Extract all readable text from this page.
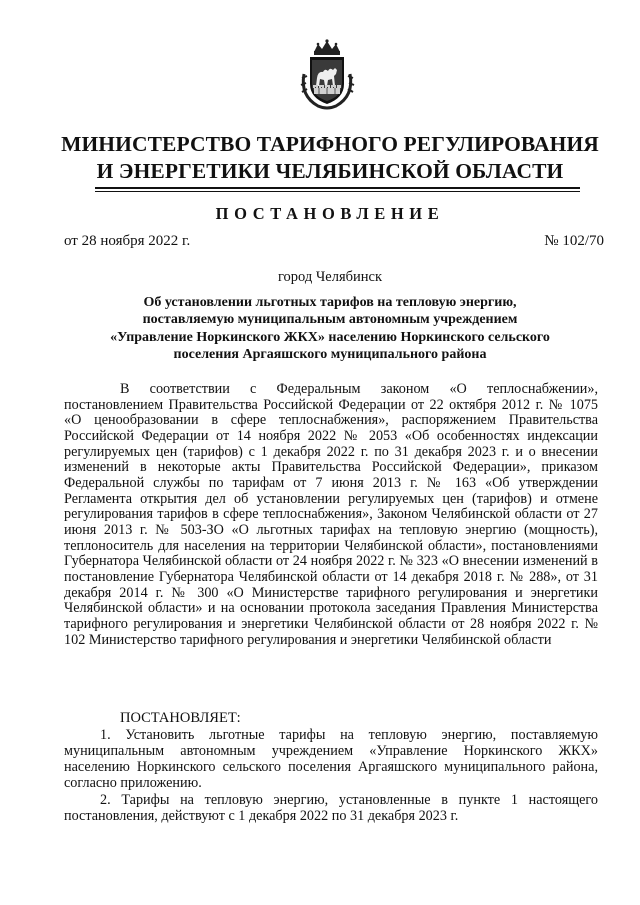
МИНИСТЕРСТВО ТАРИФНОГО РЕГУЛИРОВАНИЯ
И ЭНЕРГЕТИКИ ЧЕЛЯБИНСКОЙ ОБЛАСТИ
ПОСТАНОВЛЕНИЕ
от 28 ноября 2022 г.	№ 102/70
город Челябинск
Об установлении льготных тарифов на тепловую энергию,
поставляемую муниципальным автономным учреждением
«Управление Норкинского ЖКХ» населению Норкинского сельского
поселения Аргаяшского муниципального района

В соответствии с Федеральным законом «О теплоснабжении», постановлением Правительства Российской Федерации от 22 октября 2012 г. № 1075 «О ценообразовании в сфере теплоснабжения», распоряжением Правительства Российской Федерации от 14 ноября 2022 № 2053 «Об особенностях индексации регулируемых цен (тарифов) с 1 декабря 2022 г. по 31 декабря 2023 г. и о внесении изменений в некоторые акты Правительства Российской Федерации», приказом Федеральной службы по тарифам от 7 июня 2013 г. № 163 «Об утверждении Регламента открытия дел об установлении регулируемых цен (тарифов) и отмене регулирования тарифов в сфере теплоснабжения», Законом Челябинской области от 27 июня 2013 г. № 503-ЗО «О льготных тарифах на тепловую энергию (мощность), теплоноситель для населения на территории Челябинской области», постановлениями Губернатора Челябинской области от 24 ноября 2022 г. № 323 «О внесении изменений в постановление Губернатора Челябинской области от 14 декабря 2018 г. № 288», от 31 декабря 2014 г. № 300 «О Министерстве тарифного регулирования и энергетики Челябинской области» и на основании протокола заседания Правления Министерства тарифного регулирования и энергетики Челябинской области от 28 ноября 2022 г. № 102 Министерство тарифного регулирования и энергетики Челябинской области

ПОСТАНОВЛЯЕТ:

1. Установить льготные тарифы на тепловую энергию, поставляемую муниципальным автономным учреждением «Управление Норкинского ЖКХ» населению Норкинского сельского поселения Аргаяшского муниципального района, согласно приложению.

2. Тарифы на тепловую энергию, установленные в пункте 1 настоящего постановления, действуют с 1 декабря 2022 по 31 декабря 2023 г.
